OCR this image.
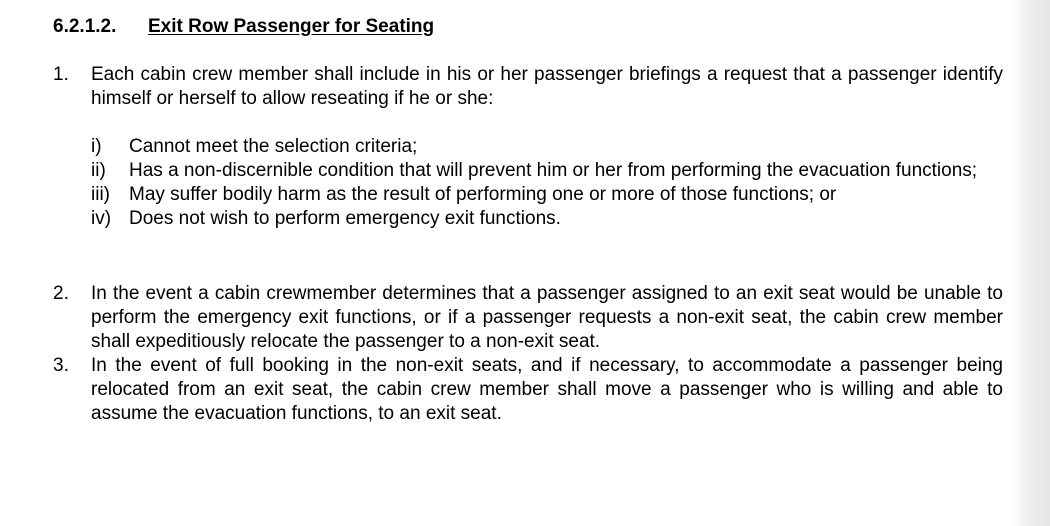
6.2.1.2. Exit Row Passenger for Seating
1.	Each cabin crew member shall include in his or her passenger briefings a request that a passenger identify himself or herself to allow reseating if he or she:
i)	Cannot meet the selection criteria;
ii)	Has a non-discernible condition that will prevent him or her from performing the evacuation functions;
iii)	May suffer bodily harm as the result of performing one or more of those functions; or
iv) Does not wish to perform emergency exit functions.
2.	In the event a cabin crewmember determines that a passenger assigned to an exit seat would be unable to perform the emergency exit functions, or if a passenger requests a non-exit seat, the cabin crew member shall expeditiously relocate the passenger to a non-exit seat.
3.	In the event of full booking in the non-exit seats, and if necessary, to accommodate a passenger being relocated from an exit seat, the cabin crew member shall move a passenger who is willing and able to assume the evacuation functions, to an exit seat.
